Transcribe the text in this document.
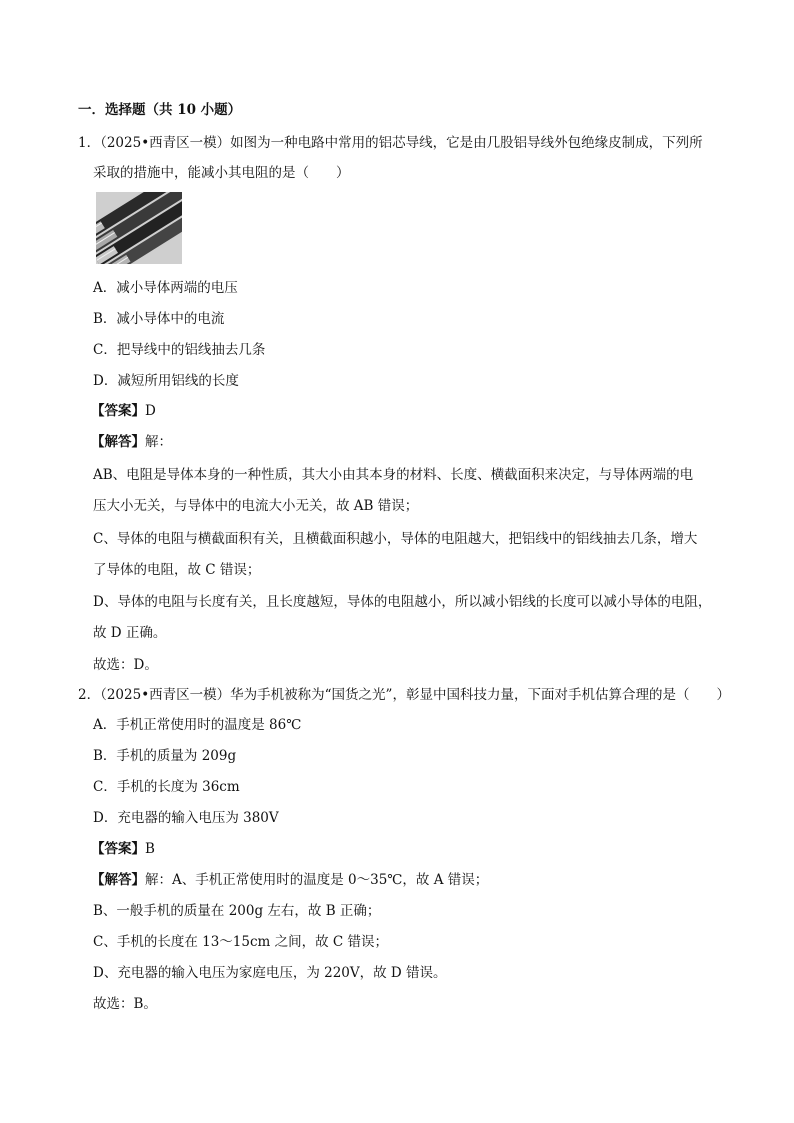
一．选择题（共 10 小题）
1．（2025•西青区一模）如图为一种电路中常用的铝芯导线，它是由几股铝导线外包绝缘皮制成，下列所
采取的措施中，能减小其电阻的是（　　）
A．减小导体两端的电压
B．减小导体中的电流
C．把导线中的铝线抽去几条
D．减短所用铝线的长度
【答案】D
【解答】解：
AB、电阻是导体本身的一种性质，其大小由其本身的材料、长度、横截面积来决定，与导体两端的电
压大小无关，与导体中的电流大小无关，故 AB 错误；
C、导体的电阻与横截面积有关，且横截面积越小，导体的电阻越大，把铝线中的铝线抽去几条，增大
了导体的电阻，故 C 错误；
D、导体的电阻与长度有关，且长度越短，导体的电阻越小，所以减小铝线的长度可以减小导体的电阻，
故 D 正确。
故选：D。
2．（2025•西青区一模）华为手机被称为“国货之光”，彰显中国科技力量，下面对手机估算合理的是（　　）
A．手机正常使用时的温度是 86℃
B．手机的质量为 209g
C．手机的长度为 36cm
D．充电器的输入电压为 380V
【答案】B
【解答】解：A、手机正常使用时的温度是 0～35℃，故 A 错误；
B、一般手机的质量在 200g 左右，故 B 正确；
C、手机的长度在 13～15cm 之间，故 C 错误；
D、充电器的输入电压为家庭电压，为 220V，故 D 错误。
故选：B。
